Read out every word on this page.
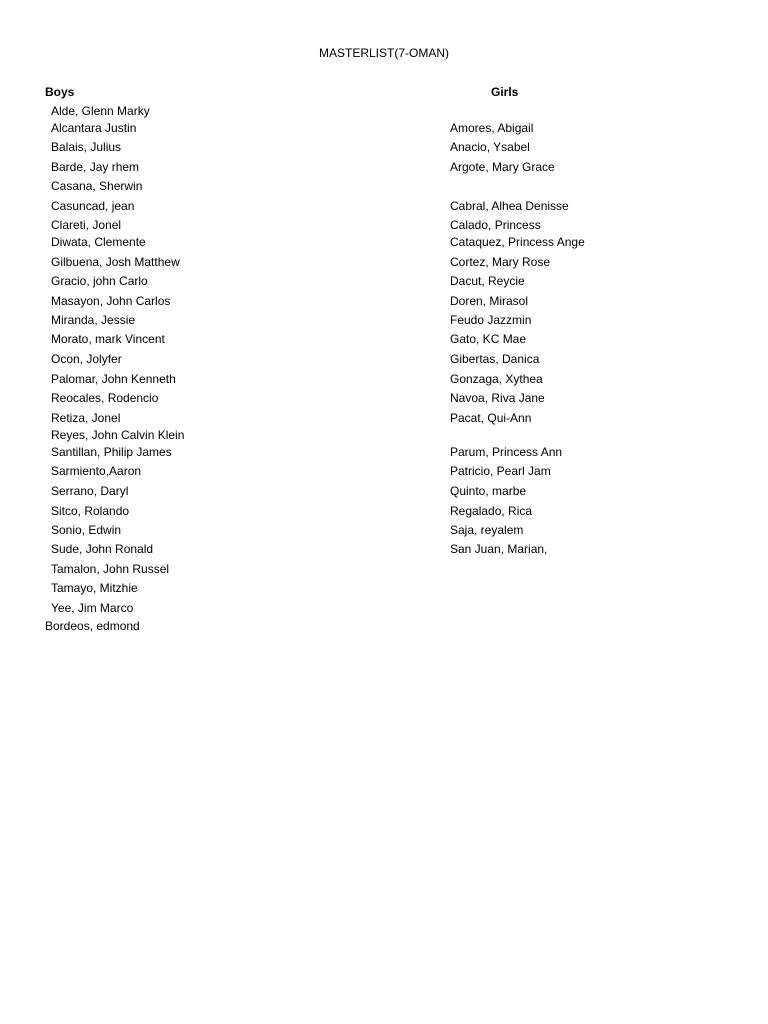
MASTERLIST(7-OMAN)
Boys	Girls
Alde, Glenn Marky
Alcantara Justin
Balais, Julius
Barde, Jay rhem
Casana, Sherwin
Casuncad, jean
Clareti, Jonel
Diwata, Clemente
Gilbuena, Josh Matthew
Gracio, john Carlo
Masayon, John Carlos
Miranda, Jessie
Morato, mark Vincent
Ocon, Jolyfer
Palomar, John Kenneth
Reocales, Rodencio
Retiza, Jonel
Reyes, John Calvin Klein
Santillan, Philip James
Sarmiento,Aaron
Serrano, Daryl
Sitco, Rolando
Sonio, Edwin
Sude, John Ronald
Tamalon, John Russel
Tamayo, Mitzhie
Yee, Jim Marco
Bordeos, edmond
Amores, Abigail
Anacio, Ysabel
Argote, Mary Grace
Cabral, Alhea Denisse
Calado, Princess
Cataquez, Princess Ange
Cortez, Mary Rose
Dacut, Reycie
Doren, Mirasol
Feudo Jazzmin
Gato, KC Mae
Gibertas, Danica
Gonzaga, Xythea
Navoa, Riva Jane
Pacat, Qui-Ann
Parum, Princess Ann
Patricio, Pearl Jam
Quinto, marbe
Regalado, Rica
Saja, reyalem
San Juan, Marian,
